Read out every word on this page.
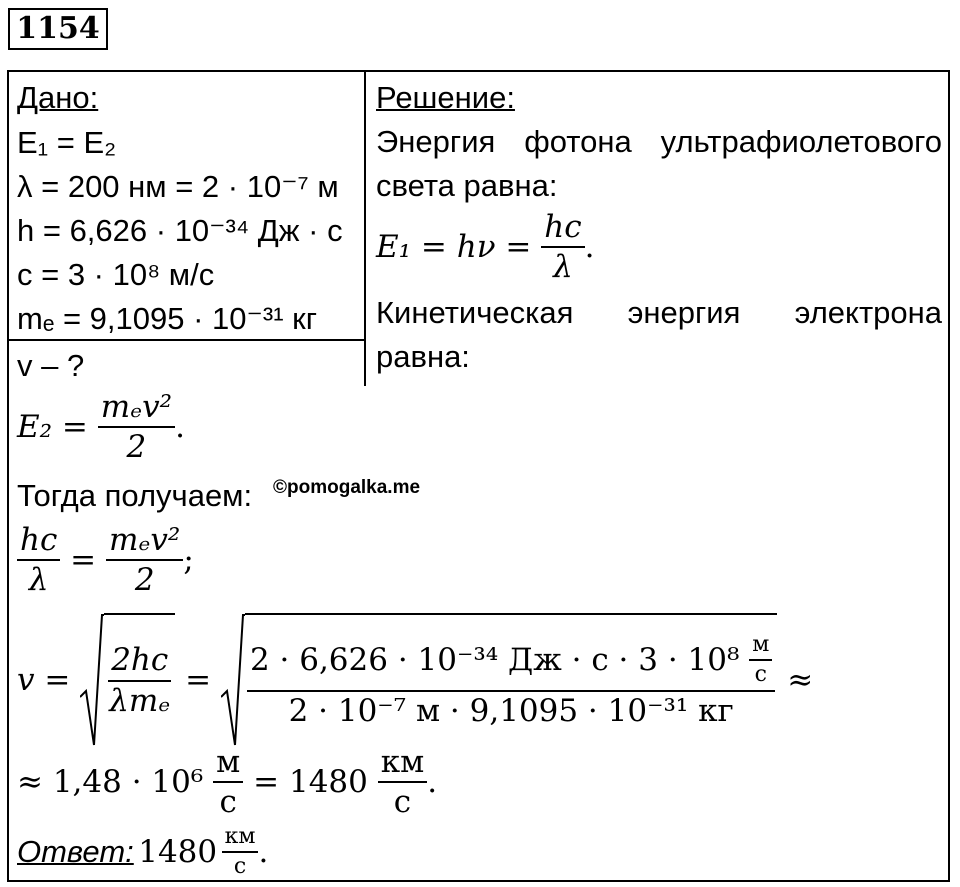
1154
Дано:
E₁ = E₂
λ = 200 нм = 2 · 10⁻⁷ м
h = 6,626 · 10⁻³⁴ Дж · с
c = 3 · 10⁸ м/с
mₑ = 9,1095 · 10⁻³¹ кг
v – ?
Решение:
Энергия фотона ультрафиолетового
света равна:
E₁ = hν =
$\frac{hc}{\lambda}$ .
Кинетическая энергия электрона
равна:
E₂ =
$\frac{\text{mₑv²}}{2}$ .
Тогда получаем: ©pomogalka.me
$\frac{hc}{\lambda} = \frac{\text{mₑv²}}{2}$ ;
v =
$\frac{2hc}{\text{λmₑ}} = 2 \cdot 6,626 \cdot 10^{-34}$ Дж · с · 3 · 10⁸
$\frac{м}{с}$
2 · 10⁻⁷ м · 9,1095 · 10⁻³¹ кг
≈
≈ 1,48 · 10⁶
$\frac{м}{с}$
= 1480
$\frac{км}{с}$ .
Ответ:
1480
$\frac{км}{с}$ .
